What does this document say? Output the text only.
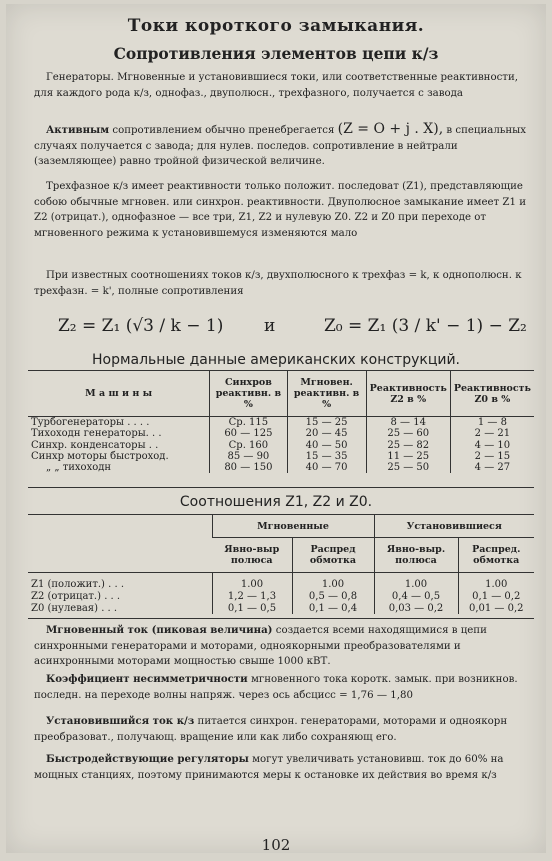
Токи короткого замыкания.
Сопротивления элементов цепи к/з
Генераторы. Мгновенные и установившиеся токи, или соответственные реактивности, для каждого рода к/з, однофаз., двуполюсн., трехфазного, получается с завода
Активным сопротивлением обычно пренебрегается (Z = O + j . X), в специальных случаях получается с завода; для нулев. последов. сопротивление в нейтрали (заземляющее) равно тройной физической величине.
Трехфазное к/з имеет реактивности только положит. последоват (Z1), представляющие собою обычные мгновен. или синхрон. реактивности. Двуполюсное замыкание имеет Z1 и Z2 (отрицат.), однофазное — все три, Z1, Z2 и нулевую Z0. Z2 и Z0 при переходе от мгновенного режима к установившемуся изменяются мало
При известных соотношениях токов к/з, двухполюсного к трехфаз = k, к однополюсн. к трехфазн. = k', полные сопротивления
Z₂ = Z₁ (√3 / k − 1) и	Z₀ = Z₁ (3 / k' − 1) − Z₂
Нормальные данные американских конструкций.
М а ш и н ы	Синхров реактивн. в %	Мгновен. реактивн. в %	Реактивность Z2 в %	Реактивность Z0 в %
Турбогенераторы . . . .	Ср. 115	15 — 25	8 — 14	1 — 8
Тихоходн генераторы. . .	60 — 125	20 — 45	25 — 60	2 — 21
Синхр. конденсаторы . .	Ср. 160	40 — 50	25 — 82	4 — 10
Синхр моторы быстроход.	85 — 90	15 — 35	11 — 25	2 — 15
„ „ тихоходн	80 — 150	40 — 70	25 — 50	4 — 27
Соотношения Z1, Z2 и Z0.
	Мгновенные		Установившиеся	
	Явно-выр полюса	Распред обмотка	Явно-выр. полюса	Распред. обмотка
Z1 (положит.) . . .	1.00	1.00	1.00	1.00
Z2 (отрицат.) . . .	1,2 — 1,3	0,5 — 0,8	0,4 — 0,5	0,1 — 0,2
Z0 (нулевая) . . .	0,1 — 0,5	0,1 — 0,4	0,03 — 0,2	0,01 — 0,2
Мгновенный ток (пиковая величина) создается всеми находящимися в цепи синхронными генераторами и моторами, одноякорными преобразователями и асинхронными моторами мощностью свыше 1000 кВТ.
Коэффициент несимметричности мгновенного тока коротк. замык. при возникнов. последн. на переходе волны напряж. через ось абсцисс = 1,76 — 1,80
Установившийся ток к/з питается синхрон. генераторами, моторами и одноякорн преобразоват., получающ. вращение или как либо сохраняющ его.
Быстродействующие регуляторы могут увеличивать установивш. ток до 60% на мощных станциях, поэтому принимаются меры к остановке их действия во время к/з
102
